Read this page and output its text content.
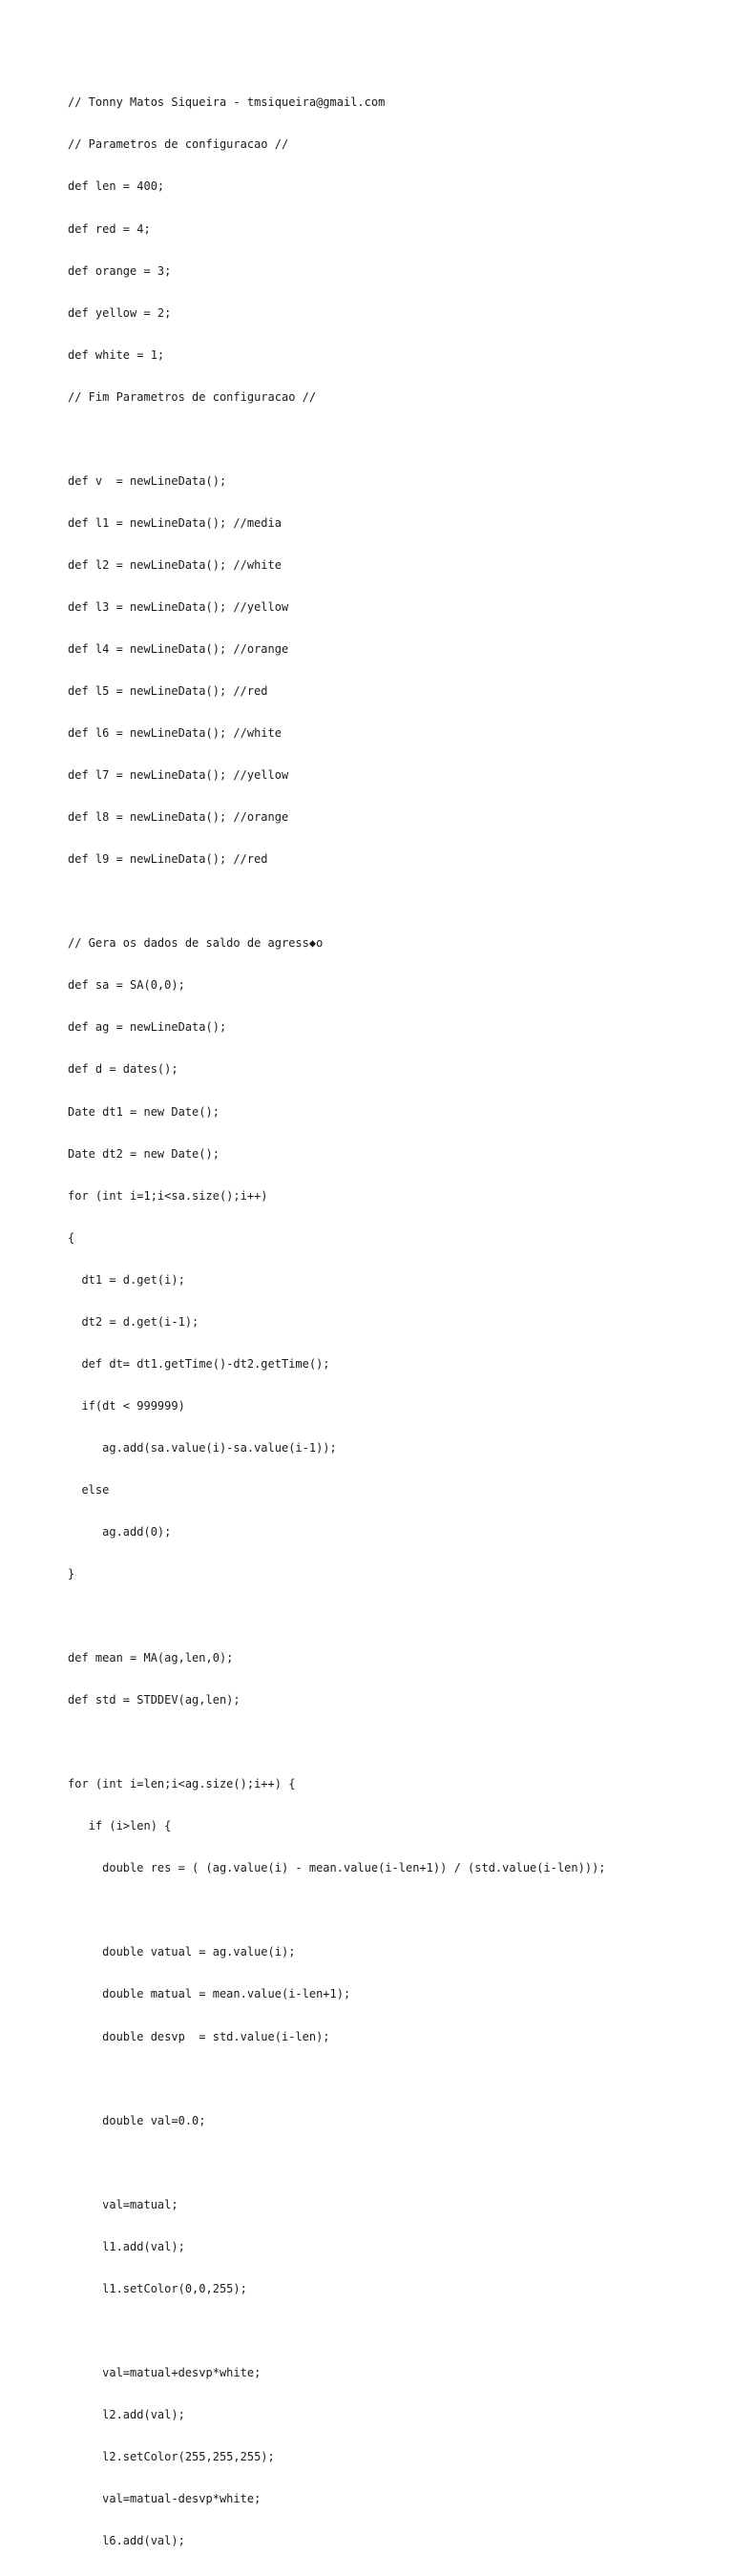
// Tonny Matos Siqueira - tmsiqueira@gmail.com

// Parametros de configuracao //

def len = 400;

def red = 4;

def orange = 3;

def yellow = 2;

def white = 1;

// Fim Parametros de configuracao //

def v  = newLineData();

def l1 = newLineData(); //media

def l2 = newLineData(); //white

def l3 = newLineData(); //yellow

def l4 = newLineData(); //orange

def l5 = newLineData(); //red

def l6 = newLineData(); //white

def l7 = newLineData(); //yellow

def l8 = newLineData(); //orange

def l9 = newLineData(); //red

// Gera os dados de saldo de agress◆o

def sa = SA(0,0);

def ag = newLineData();

def d = dates();

Date dt1 = new Date();

Date dt2 = new Date();

for (int i=1;i<sa.size();i++)

{

dt1 = d.get(i);

dt2 = d.get(i-1);

def dt= dt1.getTime()-dt2.getTime();

if(dt < 999999)

ag.add(sa.value(i)-sa.value(i-1));

else

ag.add(0);

}

def mean = MA(ag,len,0);

def std = STDDEV(ag,len);

for (int i=len;i<ag.size();i++) {

if (i>len) {

double res = ( (ag.value(i) - mean.value(i-len+1)) / (std.value(i-len)));

double vatual = ag.value(i);

double matual = mean.value(i-len+1);

double desvp  = std.value(i-len);

double val=0.0;

val=matual;

l1.add(val);

l1.setColor(0,0,255);

val=matual+desvp*white;

l2.add(val);

l2.setColor(255,255,255);

val=matual-desvp*white;

l6.add(val);
